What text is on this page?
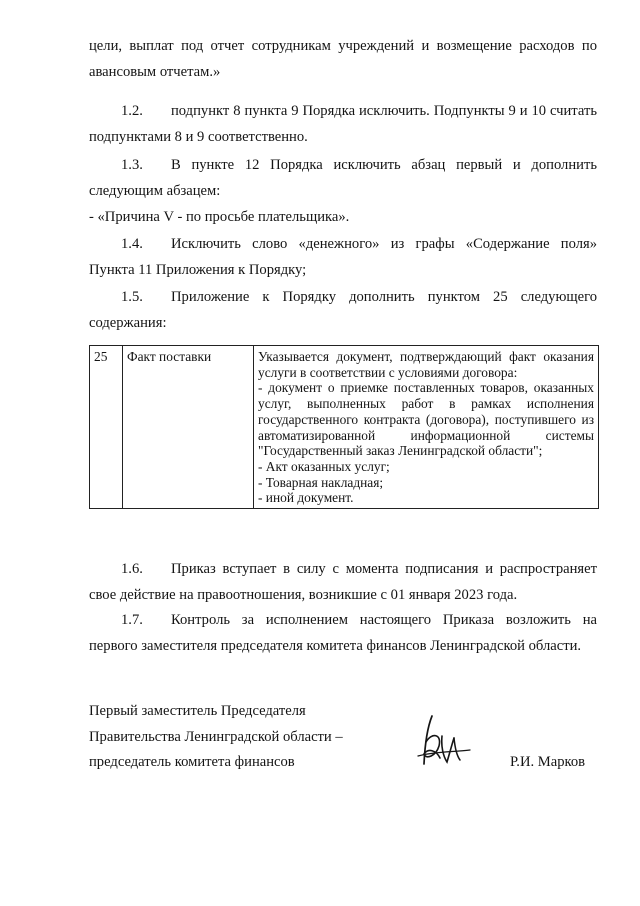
цели, выплат под отчет сотрудникам учреждений и возмещение расходов по авансовым отчетам.»
1.2. подпункт 8 пункта 9 Порядка исключить. Подпункты 9 и 10 считать подпунктами 8 и 9 соответственно.
1.3. В пункте 12 Порядка исключить абзац первый и дополнить следующим абзацем:
- «Причина V - по просьбе плательщика».
1.4. Исключить слово «денежного» из графы «Содержание поля» Пункта 11 Приложения к Порядку;
1.5. Приложение к Порядку дополнить пунктом 25 следующего содержания:
25	Факт поставки	Указывается документ, подтверждающий факт оказания услуги в соответствии с условиями договора:
- документ о приемке поставленных товаров, оказанных услуг, выполненных работ в рамках исполнения государственного контракта (договора), поступившего из автоматизированной информационной системы "Государственный заказ Ленинградской области";
- Акт оказанных услуг;
- Товарная накладная;
- иной документ.
1.6. Приказ вступает в силу с момента подписания и распространяет свое действие на правоотношения, возникшие с 01 января 2023 года.
1.7. Контроль за исполнением настоящего Приказа возложить на первого заместителя председателя комитета финансов Ленинградской области.
Первый заместитель Председателя
Правительства Ленинградской области –
председатель комитета финансов	Р.И. Марков
